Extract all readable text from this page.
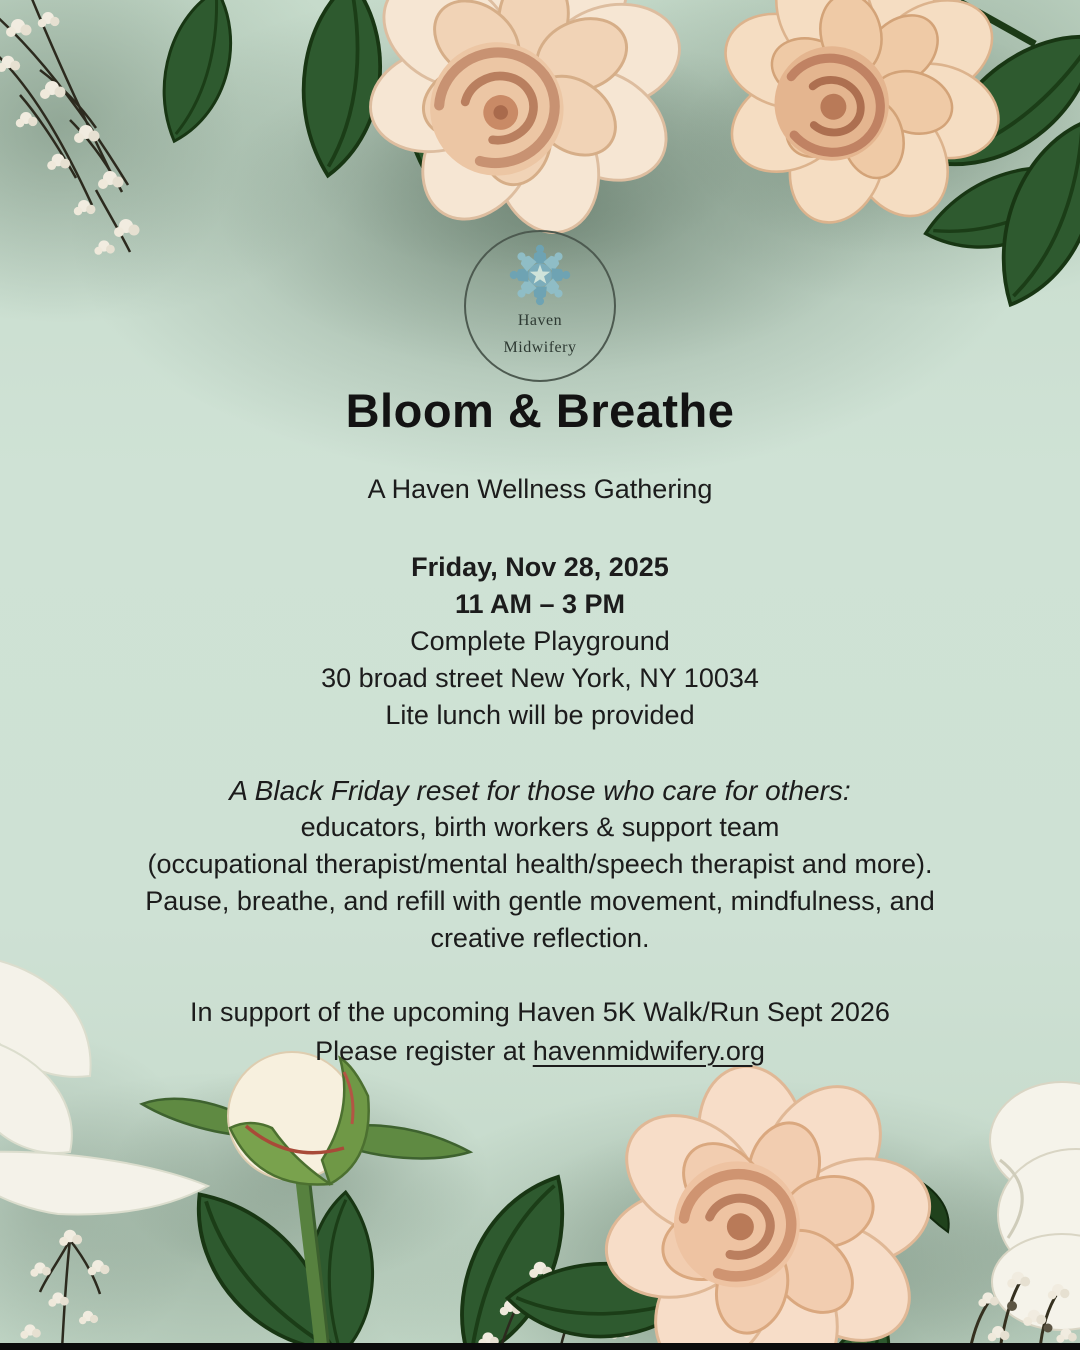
Haven
Midwifery
Bloom & Breathe

A Haven Wellness Gathering

Friday, Nov 28, 2025

11 AM – 3 PM

Complete Playground

30 broad street New York, NY 10034

Lite lunch will be provided

A Black Friday reset for those who care for others:

educators, birth workers & support team

(occupational therapist/mental health/speech therapist and more).

Pause, breathe, and refill with gentle movement, mindfulness, and

creative reflection.

In support of the upcoming Haven 5K Walk/Run Sept 2026

Please register at havenmidwifery.org
